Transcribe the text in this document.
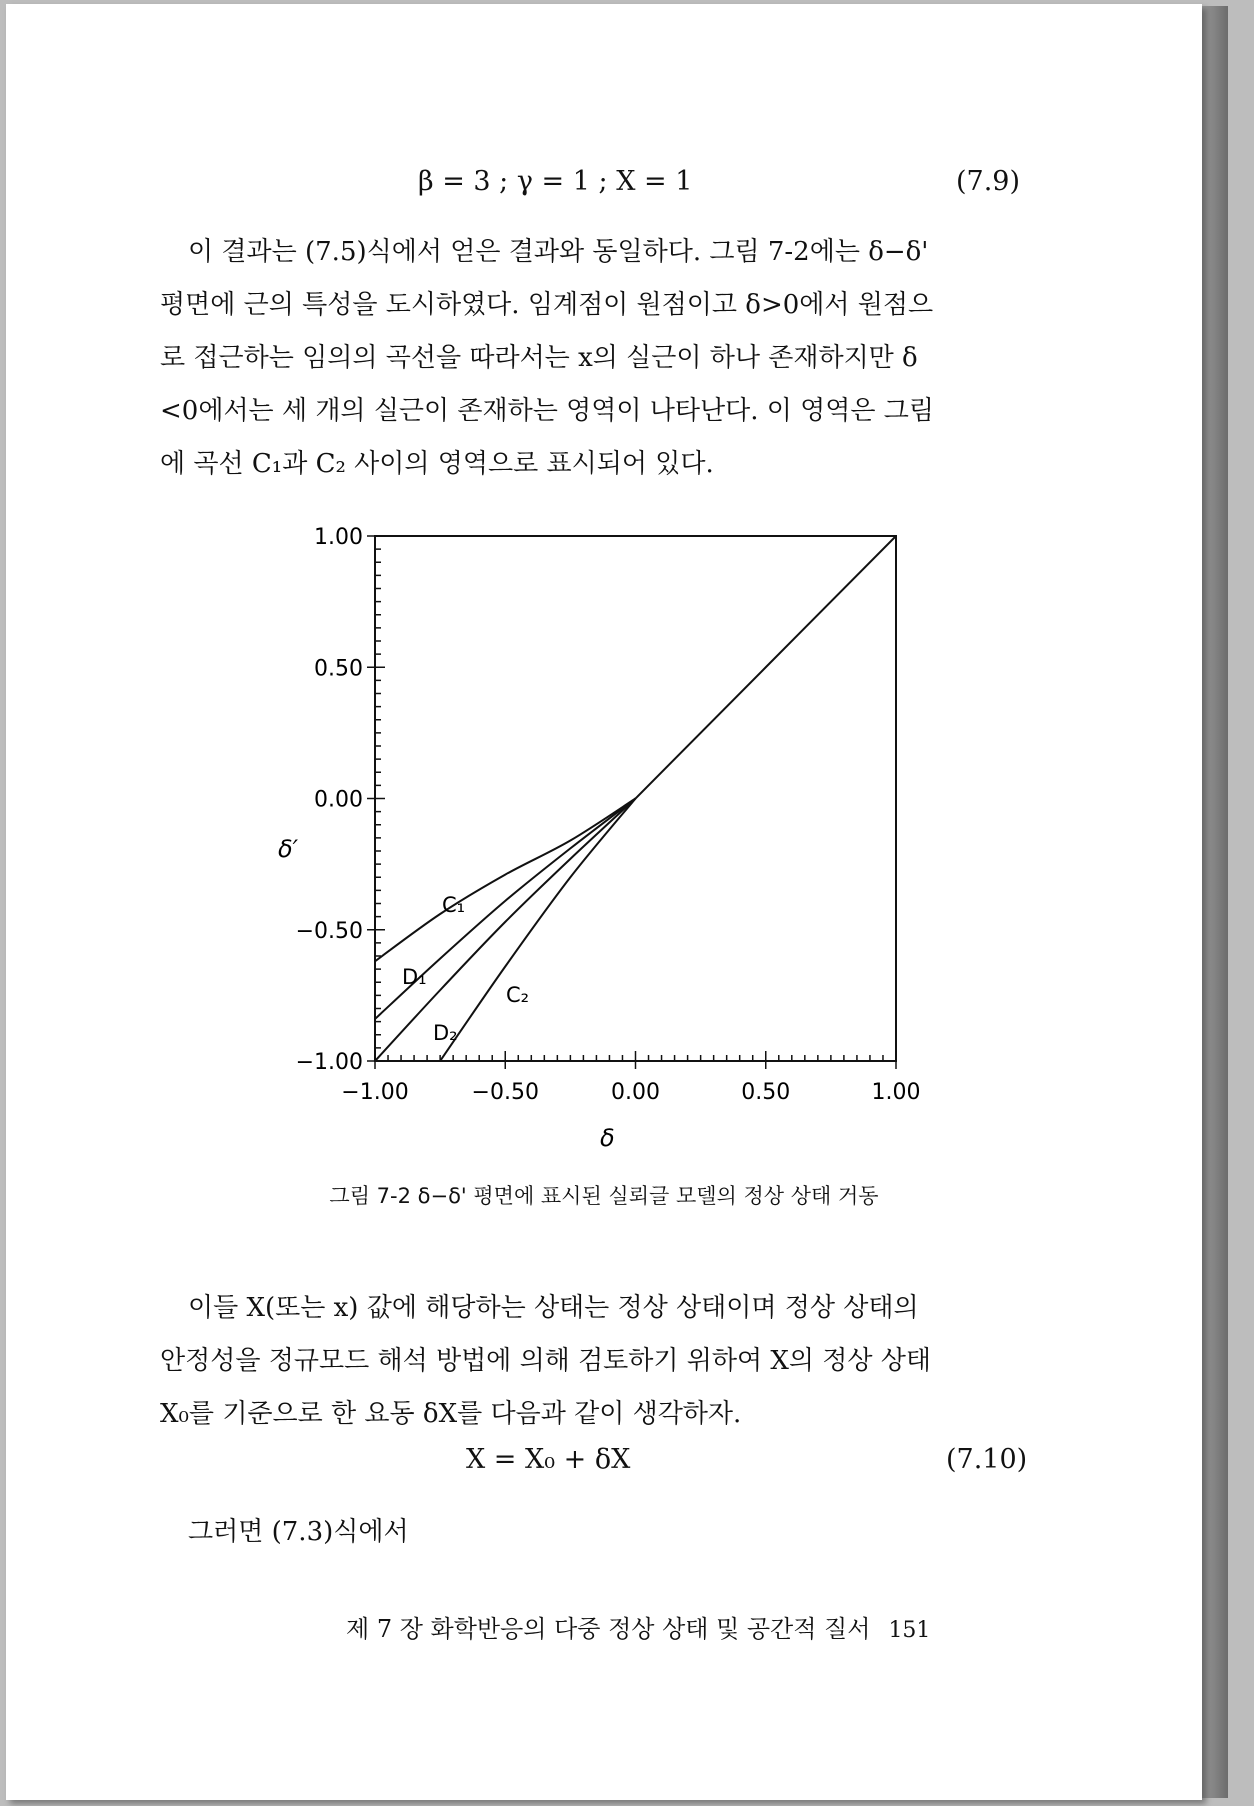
β = 3 ; γ = 1 ; X = 1	(7.9)
이 결과는 (7.5)식에서 얻은 결과와 동일하다. 그림 7-2에는 δ−δ'
평면에 근의 특성을 도시하였다. 임계점이 원점이고 δ>0에서 원점으
로 접근하는 임의의 곡선을 따라서는 x의 실근이 하나 존재하지만 δ
<0에서는 세 개의 실근이 존재하는 영역이 나타난다. 이 영역은 그림
에 곡선 C₁과 C₂ 사이의 영역으로 표시되어 있다.
1.00
0.50
0.00
−0.50
−1.00
−1.00	−0.50	0.00	0.50	1.00
δ′
δ
C₁
D₁
D₂
C₂
그림 7-2 δ−δ' 평면에 표시된 실뢰글 모델의 정상 상태 거동
이들 X(또는 x) 값에 해당하는 상태는 정상 상태이며 정상 상태의
안정성을 정규모드 해석 방법에 의해 검토하기 위하여 X의 정상 상태
X₀를 기준으로 한 요동 δX를 다음과 같이 생각하자.
X = X₀ + δX	(7.10)
그러면 (7.3)식에서
제 7 장 화학반응의 다중 정상 상태 및 공간적 질서 151
